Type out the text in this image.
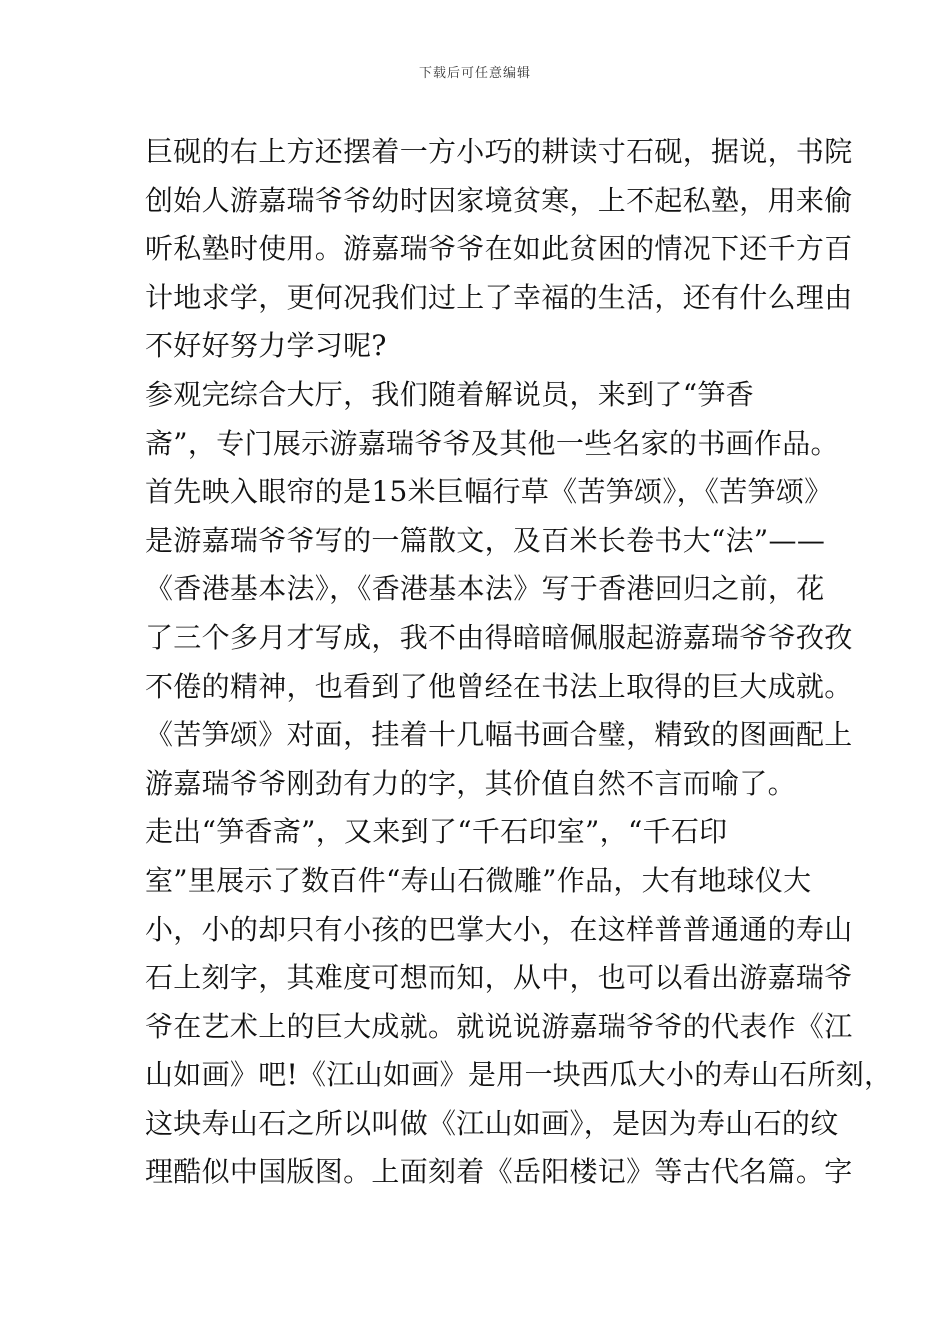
下载后可任意编辑
巨砚的右上方还摆着一方小巧的耕读寸石砚，据说，书院
创始人游嘉瑞爷爷幼时因家境贫寒，上不起私塾，用来偷
听私塾时使用。游嘉瑞爷爷在如此贫困的情况下还千方百
计地求学，更何况我们过上了幸福的生活，还有什么理由
不好好努力学习呢?
参观完综合大厅，我们随着解说员，来到了“笋香
斋”，专门展示游嘉瑞爷爷及其他一些名家的书画作品。
首先映入眼帘的是15米巨幅行草《苦笋颂》，《苦笋颂》
是游嘉瑞爷爷写的一篇散文，及百米长卷书大“法”——
《香港基本法》，《香港基本法》写于香港回归之前，花
了三个多月才写成，我不由得暗暗佩服起游嘉瑞爷爷孜孜
不倦的精神，也看到了他曾经在书法上取得的巨大成就。
《苦笋颂》对面，挂着十几幅书画合璧，精致的图画配上
游嘉瑞爷爷刚劲有力的字，其价值自然不言而喻了。
走出“笋香斋”，又来到了“千石印室”，“千石印
室”里展示了数百件“寿山石微雕”作品，大有地球仪大
小，小的却只有小孩的巴掌大小，在这样普普通通的寿山
石上刻字，其难度可想而知，从中，也可以看出游嘉瑞爷
爷在艺术上的巨大成就。就说说游嘉瑞爷爷的代表作《江
山如画》吧!《江山如画》是用一块西瓜大小的寿山石所刻，
这块寿山石之所以叫做《江山如画》，是因为寿山石的纹
理酷似中国版图。上面刻着《岳阳楼记》等古代名篇。字
